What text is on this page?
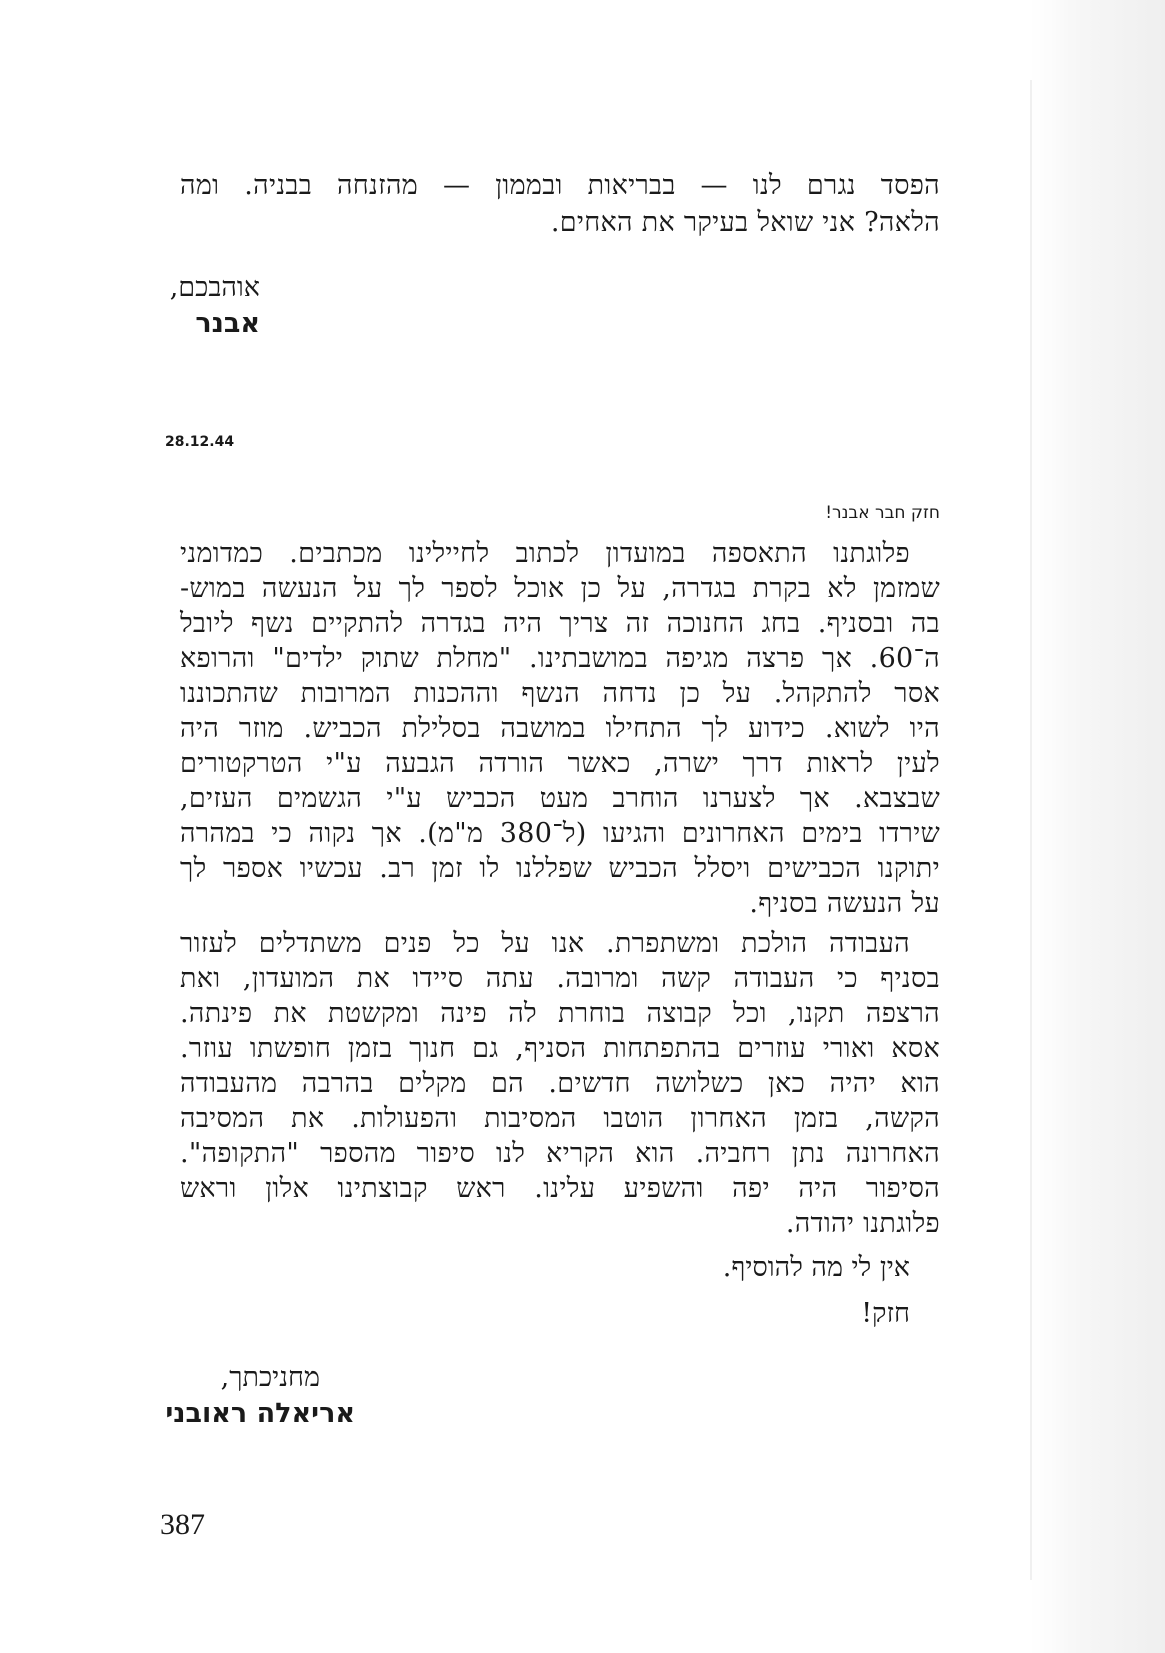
הפסד נגרם לנו — בבריאות ובממון — מהזנחה בבניה. ומה
הלאה? אני שואל בעיקר את האחים.
אוהבכם,
אבנר
28.12.44
חזק חבר אבנר!
פלוגתנו התאספה במועדון לכתוב לחיילינו מכתבים. כמדומני
שמזמן לא בקרת בגדרה, על כן אוכל לספר לך על הנעשה במוש-
בה ובסניף. בחג החנוכה זה צריך היה בגדרה להתקיים נשף ליובל
ה־60. אך פרצה מגיפה במושבתינו. "מחלת שתוק ילדים" והרופא
אסר להתקהל. על כן נדחה הנשף וההכנות המרובות שהתכוננו
היו לשוא. כידוע לך התחילו במושבה בסלילת הכביש. מוזר היה
לעין לראות דרך ישרה, כאשר הורדה הגבעה ע"י הטרקטורים
שבצבא. אך לצערנו הוחרב מעט הכביש ע"י הגשמים העזים,
שירדו בימים האחרונים והגיעו (ל־380 מ"מ). אך נקוה כי במהרה
יתוקנו הכבישים ויסלל הכביש שפללנו לו זמן רב. עכשיו אספר לך
על הנעשה בסניף.
העבודה הולכת ומשתפרת. אנו על כל פנים משתדלים לעזור
בסניף כי העבודה קשה ומרובה. עתה סיידו את המועדון, ואת
הרצפה תקנו, וכל קבוצה בוחרת לה פינה ומקשטת את פינתה.
אסא ואורי עוזרים בהתפתחות הסניף, גם חנוך בזמן חופשתו עוזר.
הוא יהיה כאן כשלושה חדשים. הם מקלים בהרבה מהעבודה
הקשה, בזמן האחרון הוטבו המסיבות והפעולות. את המסיבה
האחרונה נתן רחביה. הוא הקריא לנו סיפור מהספר "התקופה".
הסיפור היה יפה והשפיע עלינו. ראש קבוצתינו אלון וראש
פלוגתנו יהודה.
אין לי מה להוסיף.
חזק!
מחניכתך,
אריאלה ראובני
387
